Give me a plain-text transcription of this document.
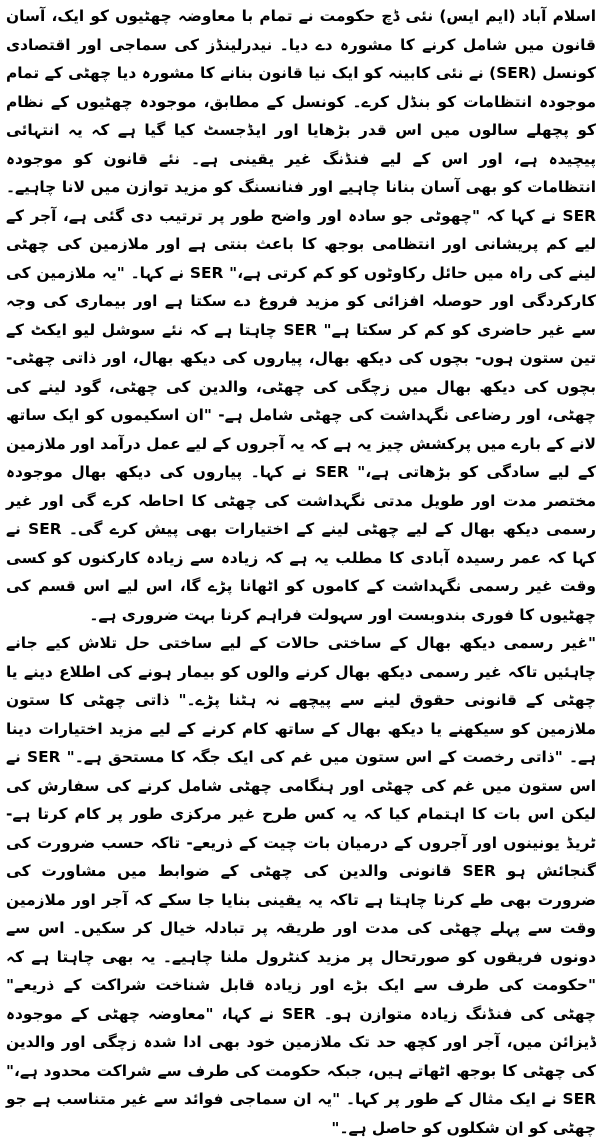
اسلام آباد (ایم ایس) نئی ڈچ حکومت نے تمام با معاوضہ چھٹیوں کو ایک، آسان قانون میں شامل کرنے کا مشورہ دے دیا۔ نیدرلینڈز کی سماجی اور اقتصادی کونسل (SER) نے نئی کابینہ کو ایک نیا قانون بنانے کا مشورہ دیا چھٹی کے تمام موجودہ انتظامات کو بنڈل کرے۔ کونسل کے مطابق، موجودہ چھٹیوں کے نظام کو پچھلے سالوں میں اس قدر بڑھایا اور ایڈجسٹ کیا گیا ہے کہ یہ انتہائی پیچیدہ ہے، اور اس کے لیے فنڈنگ غیر یقینی ہے۔ نئے قانون کو موجودہ انتظامات کو بھی آسان بنانا چاہیے اور فنانسنگ کو مزید توازن میں لانا چاہیے۔ SER نے کہا کہ "چھوٹی جو سادہ اور واضح طور پر ترتیب دی گئی ہے، آجر کے لیے کم پریشانی اور انتظامی بوجھ کا باعث بنتی ہے اور ملازمین کی چھٹی لینے کی راہ میں حائل رکاوٹوں کو کم کرتی ہے،" SER نے کہا۔ "یہ ملازمین کی کارکردگی اور حوصلہ افزائی کو مزید فروغ دے سکتا ہے اور بیماری کی وجہ سے غیر حاضری کو کم کر سکتا ہے" SER چاہتا ہے کہ نئے سوشل لیو ایکٹ کے تین ستون ہوں- بچوں کی دیکھ بھال، پیاروں کی دیکھ بھال، اور ذاتی چھٹی- بچوں کی دیکھ بھال میں زچگی کی چھٹی، والدین کی چھٹی، گود لینے کی چھٹی، اور رضاعی نگہداشت کی چھٹی شامل ہے- "ان اسکیموں کو ایک ساتھ لانے کے بارے میں پرکشش چیز یہ ہے کہ یہ آجروں کے لیے عمل درآمد اور ملازمین کے لیے سادگی کو بڑھاتی ہے،" SER نے کہا۔ پیاروں کی دیکھ بھال موجودہ مختصر مدت اور طویل مدتی نگہداشت کی چھٹی کا احاطہ کرے گی اور غیر رسمی دیکھ بھال کے لیے چھٹی لینے کے اختیارات بھی پیش کرے گی۔ SER نے کہا کہ عمر رسیدہ آبادی کا مطلب یہ ہے کہ زیادہ سے زیادہ کارکنوں کو کسی وقت غیر رسمی نگہداشت کے کاموں کو اٹھانا پڑے گا، اس لیے اس قسم کی چھٹیوں کا فوری بندوبست اور سہولت فراہم کرنا بہت ضروری ہے۔

"غیر رسمی دیکھ بھال کے ساختی حالات کے لیے ساختی حل تلاش کیے جانے چاہئیں تاکہ غیر رسمی دیکھ بھال کرنے والوں کو بیمار ہونے کی اطلاع دینے یا چھٹی کے قانونی حقوق لینے سے پیچھے نہ ہٹنا پڑے۔" ذاتی چھٹی کا ستون ملازمین کو سیکھنے یا دیکھ بھال کے ساتھ کام کرنے کے لیے مزید اختیارات دینا ہے۔ "ذاتی رخصت کے اس ستون میں غم کی ایک جگہ کا مستحق ہے۔" SER نے اس ستون میں غم کی چھٹی اور ہنگامی چھٹی شامل کرنے کی سفارش کی لیکن اس بات کا اہتمام کیا کہ یہ کس طرح غیر مرکزی طور پر کام کرتا ہے- ٹریڈ یونینوں اور آجروں کے درمیان بات چیت کے ذریعے- تاکہ حسب ضرورت کی گنجائش ہو SER قانونی والدین کی چھٹی کے ضوابط میں مشاورت کی ضرورت بھی طے کرنا چاہتا ہے تاکہ یہ یقینی بنایا جا سکے کہ آجر اور ملازمین وقت سے پہلے چھٹی کی مدت اور طریقہ پر تبادلہ خیال کر سکیں۔ اس سے دونوں فریقوں کو صورتحال پر مزید کنٹرول ملنا چاہیے۔ یہ بھی چاہتا ہے کہ "حکومت کی طرف سے ایک بڑے اور زیادہ قابل شناخت شراکت کے ذریعے" چھٹی کی فنڈنگ زیادہ متوازن ہو۔ SER نے کہا، "معاوضہ چھٹی کے موجودہ ڈیزائن میں، آجر اور کچھ حد تک ملازمین خود بھی ادا شدہ زچگی اور والدین کی چھٹی کا بوجھ اٹھاتے ہیں، جبکہ حکومت کی طرف سے شراکت محدود ہے،" SER نے ایک مثال کے طور پر کہا۔ "یہ ان سماجی فوائد سے غیر متناسب ہے جو چھٹی کو ان شکلوں کو حاصل ہے۔"
